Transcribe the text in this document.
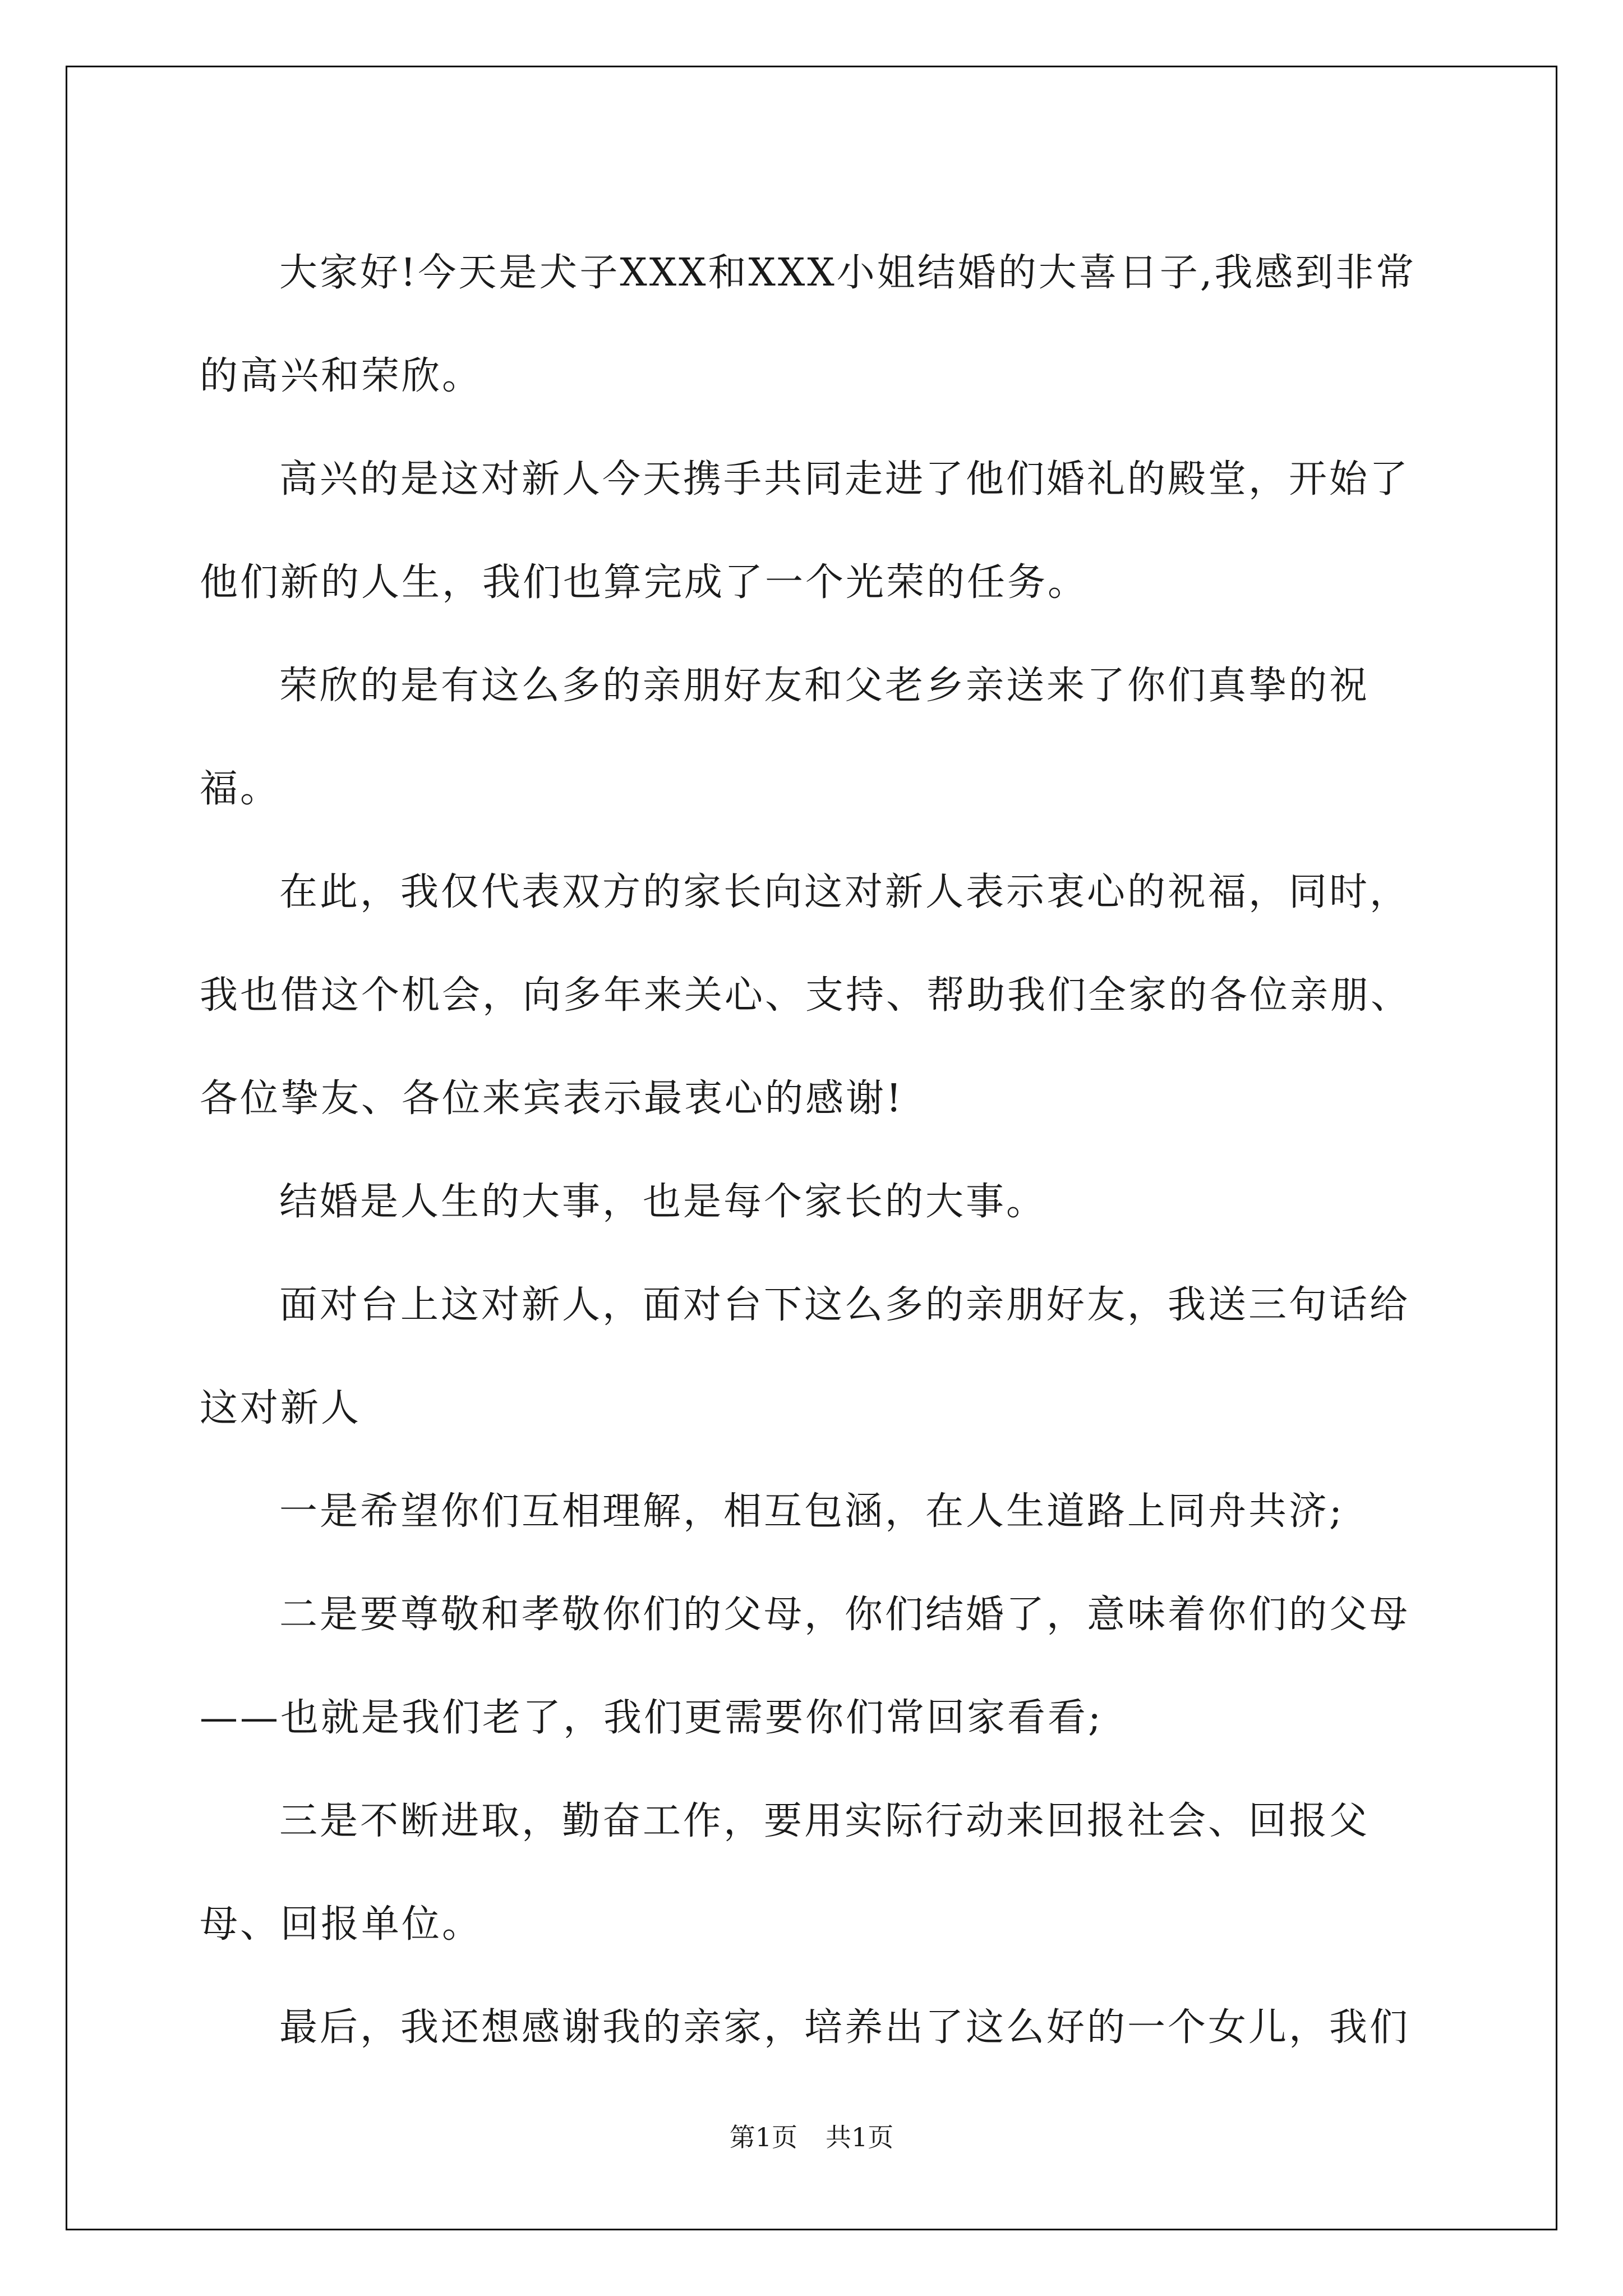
大家好!今天是犬子XXX和XXX小姐结婚的大喜日子,我感到非常的高兴和荣欣。

高兴的是这对新人今天携手共同走进了他们婚礼的殿堂，开始了他们新的人生，我们也算完成了一个光荣的任务。

荣欣的是有这么多的亲朋好友和父老乡亲送来了你们真挚的祝福。

在此，我仅代表双方的家长向这对新人表示衷心的祝福，同时，我也借这个机会，向多年来关心、支持、帮助我们全家的各位亲朋、各位挚友、各位来宾表示最衷心的感谢!

结婚是人生的大事，也是每个家长的大事。

面对台上这对新人，面对台下这么多的亲朋好友，我送三句话给这对新人

一是希望你们互相理解，相互包涵，在人生道路上同舟共济;

二是要尊敬和孝敬你们的父母，你们结婚了，意味着你们的父母——也就是我们老了，我们更需要你们常回家看看;

三是不断进取，勤奋工作，要用实际行动来回报社会、回报父母、回报单位。

最后，我还想感谢我的亲家，培养出了这么好的一个女儿，我们

第1页 共1页
